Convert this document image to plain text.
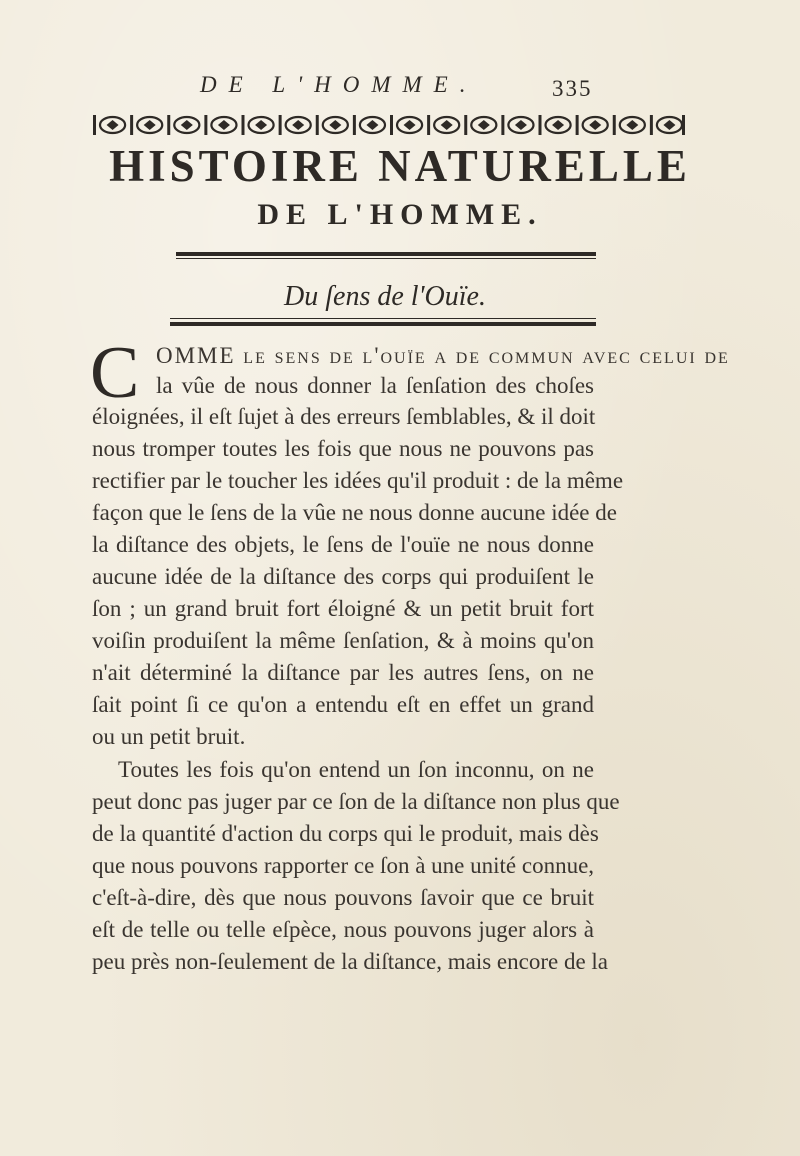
DE L'HOMME.	335
HISTOIRE NATURELLE
DE L'HOMME.
Du ſens de l'Ouïe.
C OMME le ſens de l'ouïe a de commun avec celui de
la vûe de nous donner la ſenſation des choſes
éloignées, il eſt ſujet à des erreurs ſemblables, & il doit
nous tromper toutes les fois que nous ne pouvons pas
rectifier par le toucher les idées qu'il produit : de la même
façon que le ſens de la vûe ne nous donne aucune idée de
la diſtance des objets, le ſens de l'ouïe ne nous donne
aucune idée de la diſtance des corps qui produiſent le
ſon ; un grand bruit fort éloigné & un petit bruit fort
voiſin produiſent la même ſenſation, & à moins qu'on
n'ait déterminé la diſtance par les autres ſens, on ne
ſait point ſi ce qu'on a entendu eſt en effet un grand
ou un petit bruit.
Toutes les fois qu'on entend un ſon inconnu, on ne
peut donc pas juger par ce ſon de la diſtance non plus que
de la quantité d'action du corps qui le produit, mais dès
que nous pouvons rapporter ce ſon à une unité connue,
c'eſt-à-dire, dès que nous pouvons ſavoir que ce bruit
eſt de telle ou telle eſpèce, nous pouvons juger alors à
peu près non-ſeulement de la diſtance, mais encore de la
